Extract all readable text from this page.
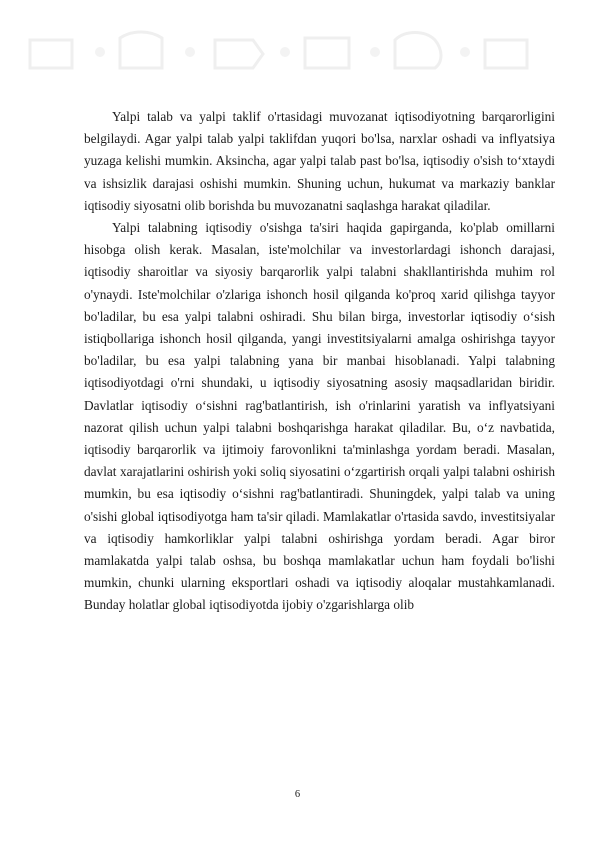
Yalpi talab va yalpi taklif o'rtasidagi muvozanat iqtisodiyotning barqarorligini belgilaydi. Agar yalpi talab yalpi taklifdan yuqori bo'lsa, narxlar oshadi va inflyatsiya yuzaga kelishi mumkin. Aksincha, agar yalpi talab past bo'lsa, iqtisodiy o'sish to‘xtaydi va ishsizlik darajasi oshishi mumkin. Shuning uchun, hukumat va markaziy banklar iqtisodiy siyosatni olib borishda bu muvozanatni saqlashga harakat qiladilar.

Yalpi talabning iqtisodiy o'sishga ta'siri haqida gapirganda, ko'plab omillarni hisobga olish kerak. Masalan, iste'molchilar va investorlardagi ishonch darajasi, iqtisodiy sharoitlar va siyosiy barqarorlik yalpi talabni shakllantirishda muhim rol o'ynaydi. Iste'molchilar o'zlariga ishonch hosil qilganda ko'proq xarid qilishga tayyor bo'ladilar, bu esa yalpi talabni oshiradi. Shu bilan birga, investorlar iqtisodiy o‘sish istiqbollariga ishonch hosil qilganda, yangi investitsiyalarni amalga oshirishga tayyor bo'ladilar, bu esa yalpi talabning yana bir manbai hisoblanadi. Yalpi talabning iqtisodiyotdagi o'rni shundaki, u iqtisodiy siyosatning asosiy maqsadlaridan biridir. Davlatlar iqtisodiy o‘sishni rag'batlantirish, ish o'rinlarini yaratish va inflyatsiyani nazorat qilish uchun yalpi talabni boshqarishga harakat qiladilar. Bu, o‘z navbatida, iqtisodiy barqarorlik va ijtimoiy farovonlikni ta'minlashga yordam beradi. Masalan, davlat xarajatlarini oshirish yoki soliq siyosatini o‘zgartirish orqali yalpi talabni oshirish mumkin, bu esa iqtisodiy o‘sishni rag'batlantiradi. Shuningdek, yalpi talab va uning o'sishi global iqtisodiyotga ham ta'sir qiladi. Mamlakatlar o'rtasida savdo, investitsiyalar va iqtisodiy hamkorliklar yalpi talabni oshirishga yordam beradi. Agar biror mamlakatda yalpi talab oshsa, bu boshqa mamlakatlar uchun ham foydali bo'lishi mumkin, chunki ularning eksportlari oshadi va iqtisodiy aloqalar mustahkamlanadi. Bunday holatlar global iqtisodiyotda ijobiy o'zgarishlarga olib

6
